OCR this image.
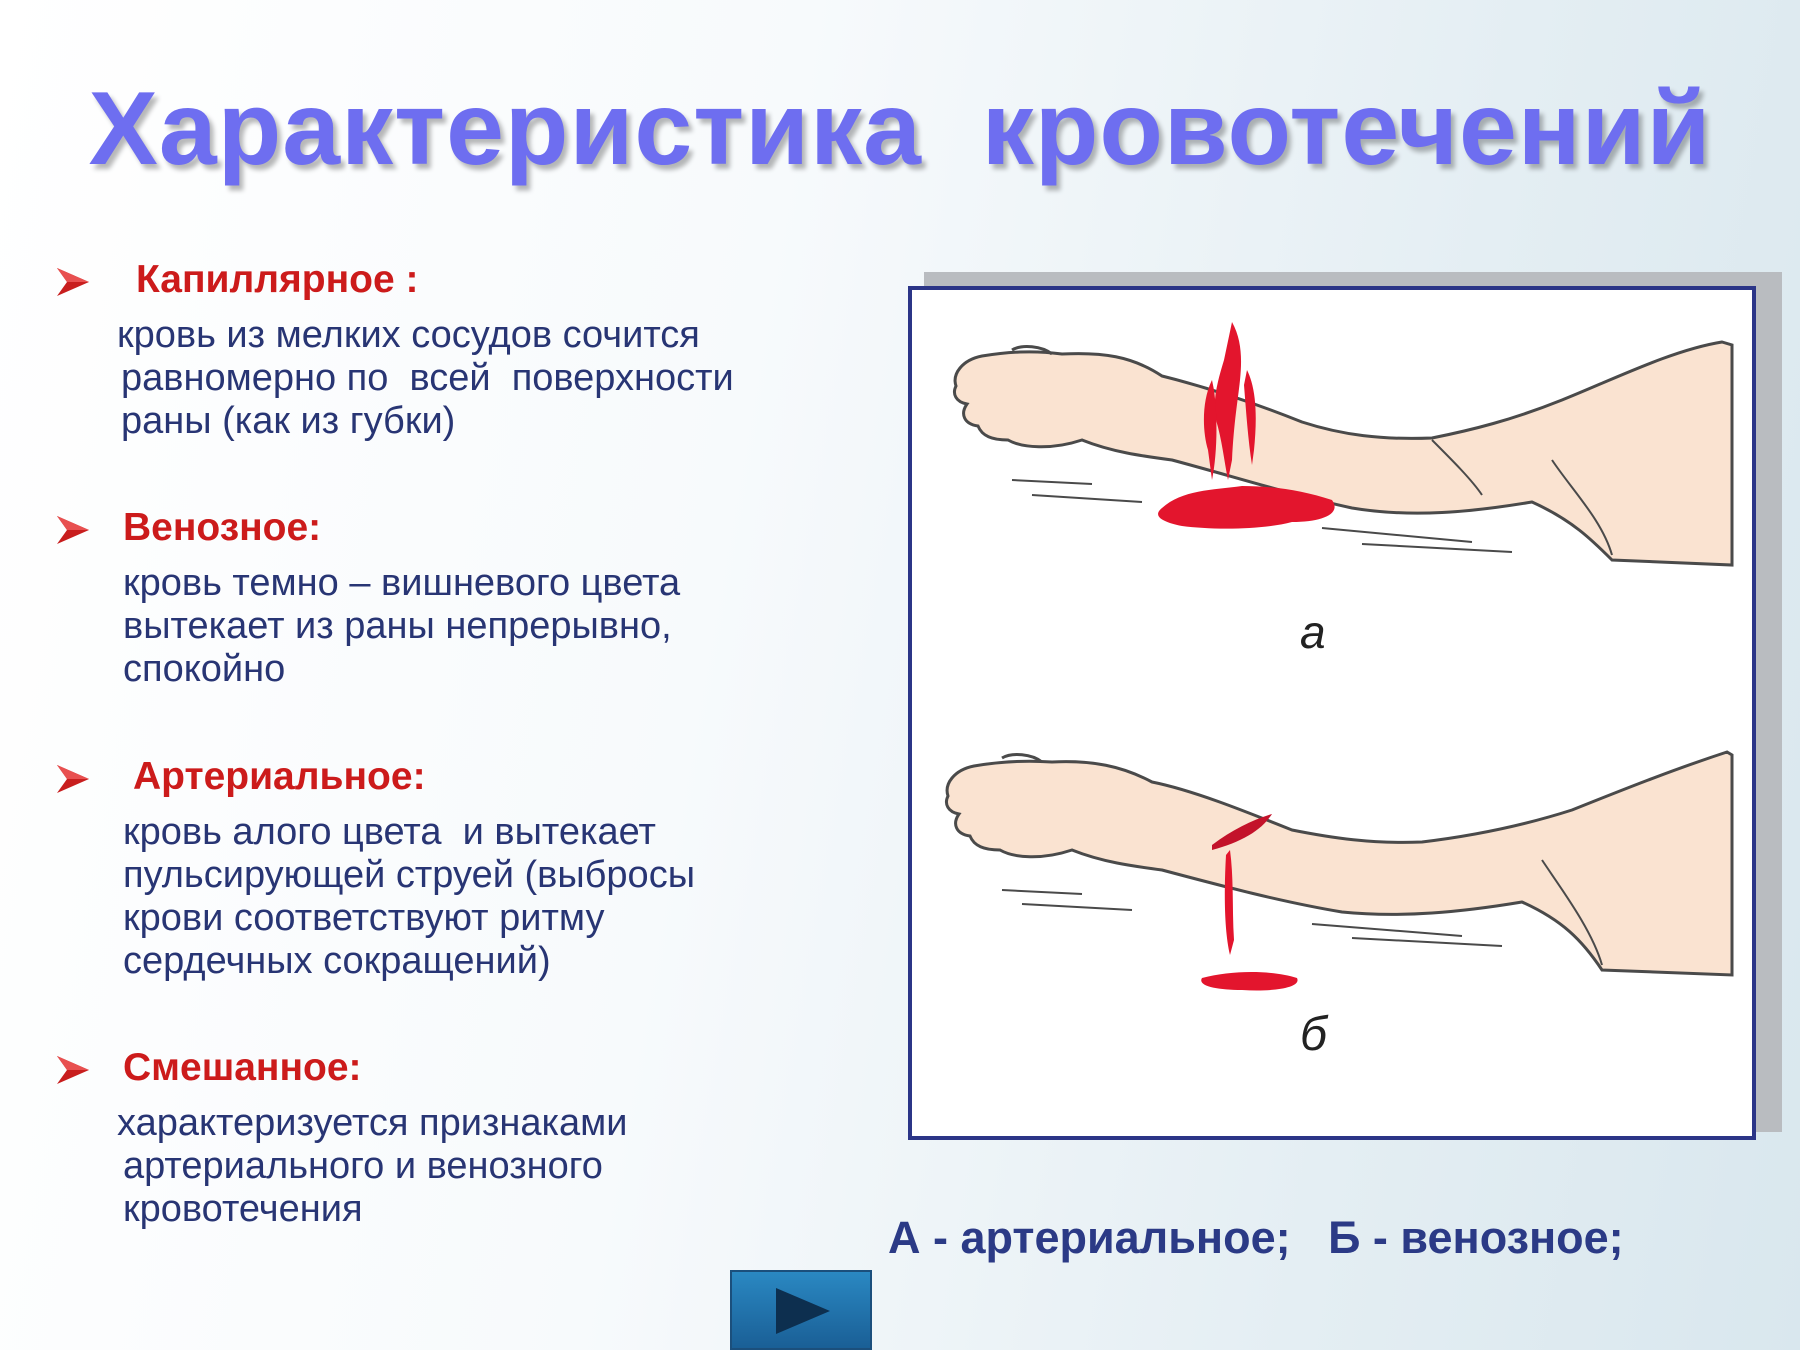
Характеристика  кровотечений
Капиллярное :
кровь из мелких сосудов сочится
равномерно по  всей  поверхности
раны (как из губки)
Венозное:
кровь темно – вишневого цвета
вытекает из раны непрерывно,
спокойно
Артериальное:
кровь алого цвета  и вытекает
пульсирующей струей (выбросы
крови соответствуют ритму
сердечных сокращений)
Смешанное:
характеризуется признаками
артериального и венозного
кровотечения
а
б
А - артериальное;   Б - венозное;
